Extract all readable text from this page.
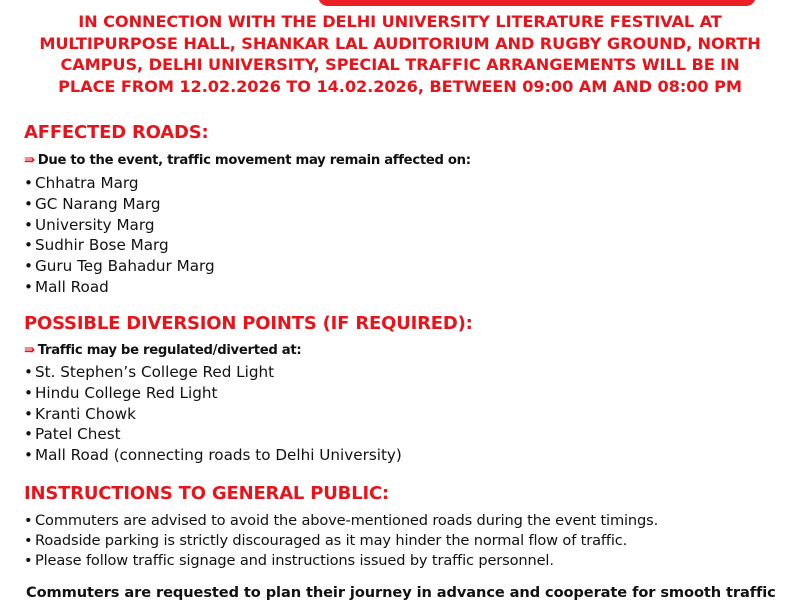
IN CONNECTION WITH THE DELHI UNIVERSITY LITERATURE FESTIVAL AT
MULTIPURPOSE HALL, SHANKAR LAL AUDITORIUM AND RUGBY GROUND, NORTH
CAMPUS, DELHI UNIVERSITY, SPECIAL TRAFFIC ARRANGEMENTS WILL BE IN
PLACE FROM 12.02.2026 TO 14.02.2026, BETWEEN 09:00 AM AND 08:00 PM
AFFECTED ROADS:
⇛ Due to the event, traffic movement may remain affected on:
• Chhatra Marg
• GC Narang Marg
• University Marg
• Sudhir Bose Marg
• Guru Teg Bahadur Marg
• Mall Road
POSSIBLE DIVERSION POINTS (IF REQUIRED):
⇛ Traffic may be regulated/diverted at:
• St. Stephen’s College Red Light
• Hindu College Red Light
• Kranti Chowk
• Patel Chest
• Mall Road (connecting roads to Delhi University)
INSTRUCTIONS TO GENERAL PUBLIC:
• Commuters are advised to avoid the above-mentioned roads during the event timings.
• Roadside parking is strictly discouraged as it may hinder the normal flow of traffic.
• Please follow traffic signage and instructions issued by traffic personnel.
Commuters are requested to plan their journey in advance and cooperate for smooth traffic
